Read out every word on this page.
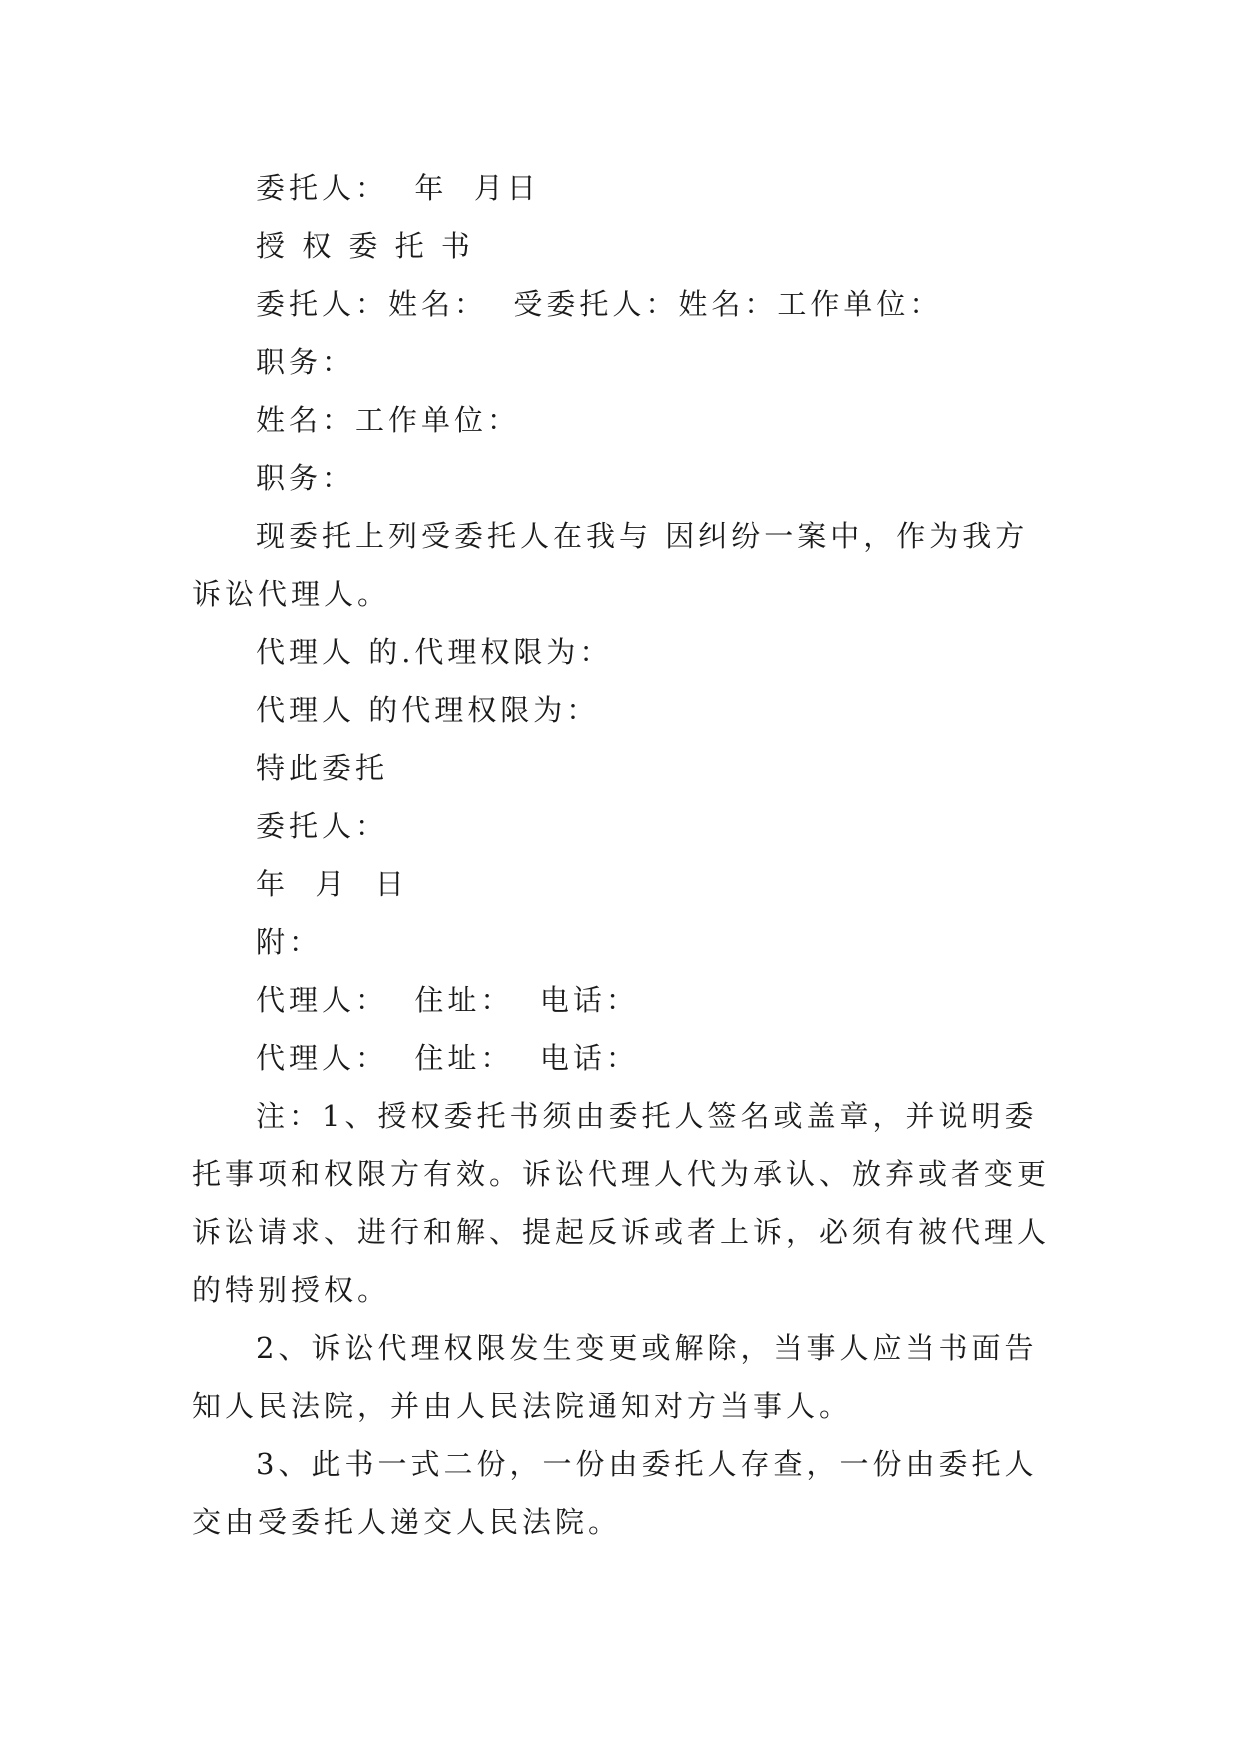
委托人：  年  月日

授 权 委 托 书

委托人：姓名：  受委托人：姓名：工作单位：

职务：

姓名：工作单位：

职务：

现委托上列受委托人在我与 因纠纷一案中，作为我方诉讼代理人。

代理人 的.代理权限为：

代理人 的代理权限为：

特此委托

委托人：

年  月  日

附：

代理人：  住址：  电话：

代理人：  住址：  电话：

注：1、授权委托书须由委托人签名或盖章，并说明委托事项和权限方有效。诉讼代理人代为承认、放弃或者变更诉讼请求、进行和解、提起反诉或者上诉，必须有被代理人的特别授权。

2、诉讼代理权限发生变更或解除，当事人应当书面告知人民法院，并由人民法院通知对方当事人。

3、此书一式二份，一份由委托人存查，一份由委托人交由受委托人递交人民法院。
